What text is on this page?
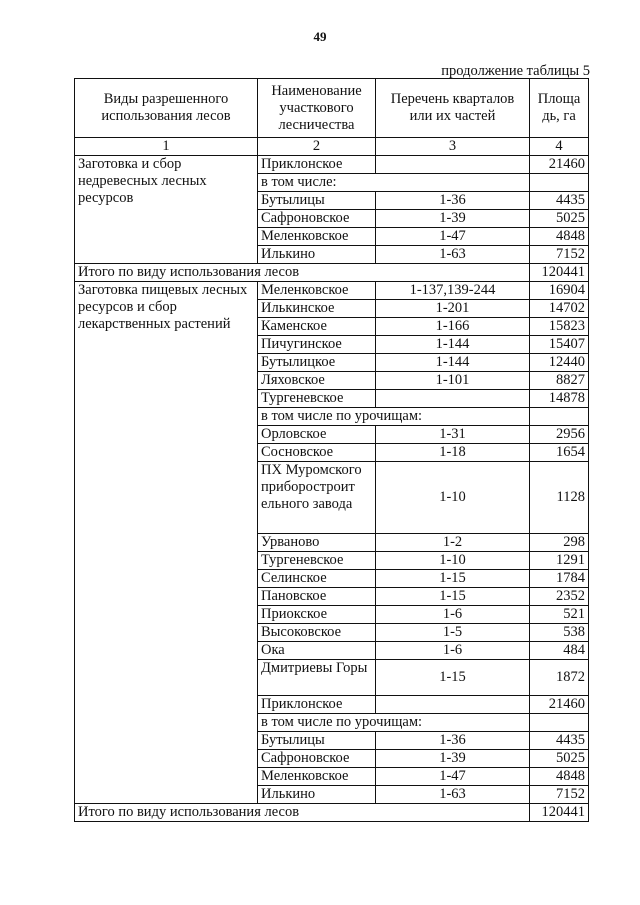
49
продолжение таблицы 5
Виды разрешенного использования лесов	Наименование участкового лесничества	Перечень кварталов или их частей	Площа дь, га
1	2	3	4
Заготовка и сбор недревесных лесных ресурсов	Приклонское		21460
	в том числе:		
	Бутылицы	1-36	4435
	Сафроновское	1-39	5025
	Меленковское	1-47	4848
	Илькино	1-63	7152
Итого по виду использования лесов			120441
Заготовка пищевых лесных ресурсов и сбор лекарственных растений	Меленковское	1-137,139-244	16904
	Илькинское	1-201	14702
	Каменское	1-166	15823
	Пичугинское	1-144	15407
	Бутылицкое	1-144	12440
	Ляховское	1-101	8827
	Тургеневское		14878
	в том числе по урочищам:		
	Орловское	1-31	2956
	Сосновское	1-18	1654
	ПХ Муромского приборостроит ельного завода	1-10	1128
	Урваново	1-2	298
	Тургеневское	1-10	1291
	Селинское	1-15	1784
	Пановское	1-15	2352
	Приокское	1-6	521
	Высоковское	1-5	538
	Ока	1-6	484
	Дмитриевы Горы	1-15	1872
	Приклонское		21460
	в том числе по урочищам:		
	Бутылицы	1-36	4435
	Сафроновское	1-39	5025
	Меленковское	1-47	4848
	Илькино	1-63	7152
Итого по виду использования лесов			120441
